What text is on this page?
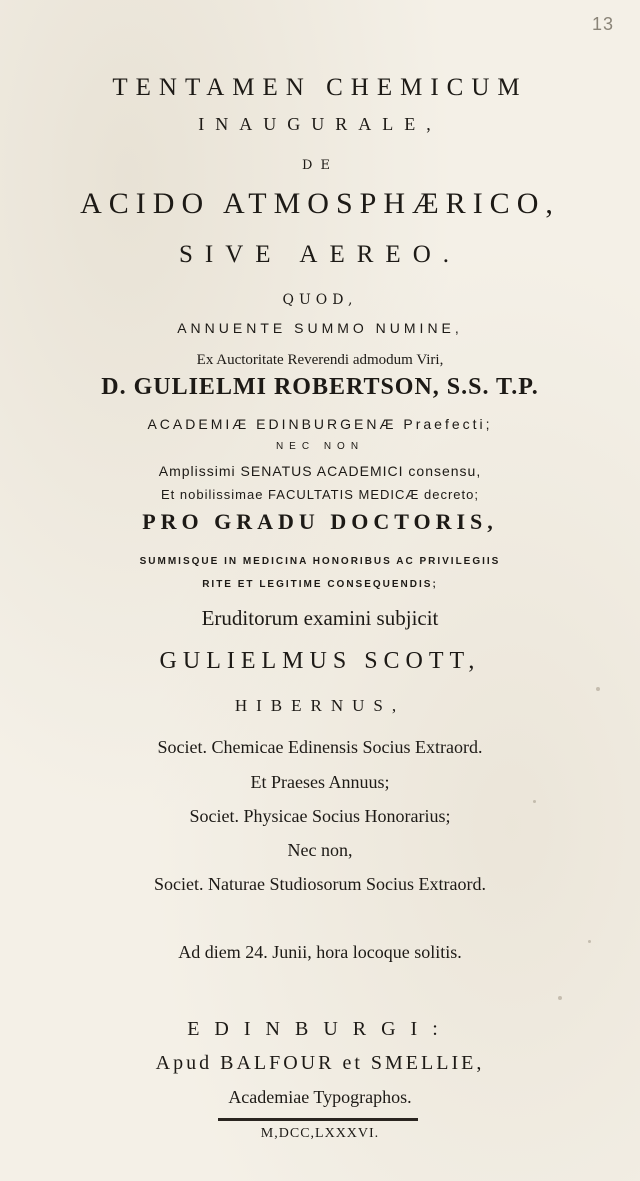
13
TENTAMEN CHEMICUM
INAUGURALE,
DE
ACIDO ATMOSPHÆRICO,
SIVE AEREO.
QUOD,
ANNUENTE SUMMO NUMINE,
Ex Auctoritate Reverendi admodum Viri,
D. GULIELMI ROBERTSON, S.S. T.P.
ACADEMIÆ EDINBURGENÆ Praefecti;
NEC NON
Amplissimi SENATUS ACADEMICI consensu,
Et nobilissimae FACULTATIS MEDICÆ decreto;
PRO GRADU DOCTORIS,
SUMMISQUE IN MEDICINA HONORIBUS AC PRIVILEGIIS
RITE ET LEGITIME CONSEQUENDIS;
Eruditorum examini subjicit
GULIELMUS SCOTT,
HIBERNUS,
Societ. Chemicae Edinensis Socius Extraord.
Et Praeses Annuus;
Societ. Physicae Socius Honorarius;
Nec non,
Societ. Naturae Studiosorum Socius Extraord.
Ad diem 24. Junii, hora locoque solitis.
EDINBURGI:
Apud BALFOUR et SMELLIE,
Academiae Typographos.
M,DCC,LXXXVI.
